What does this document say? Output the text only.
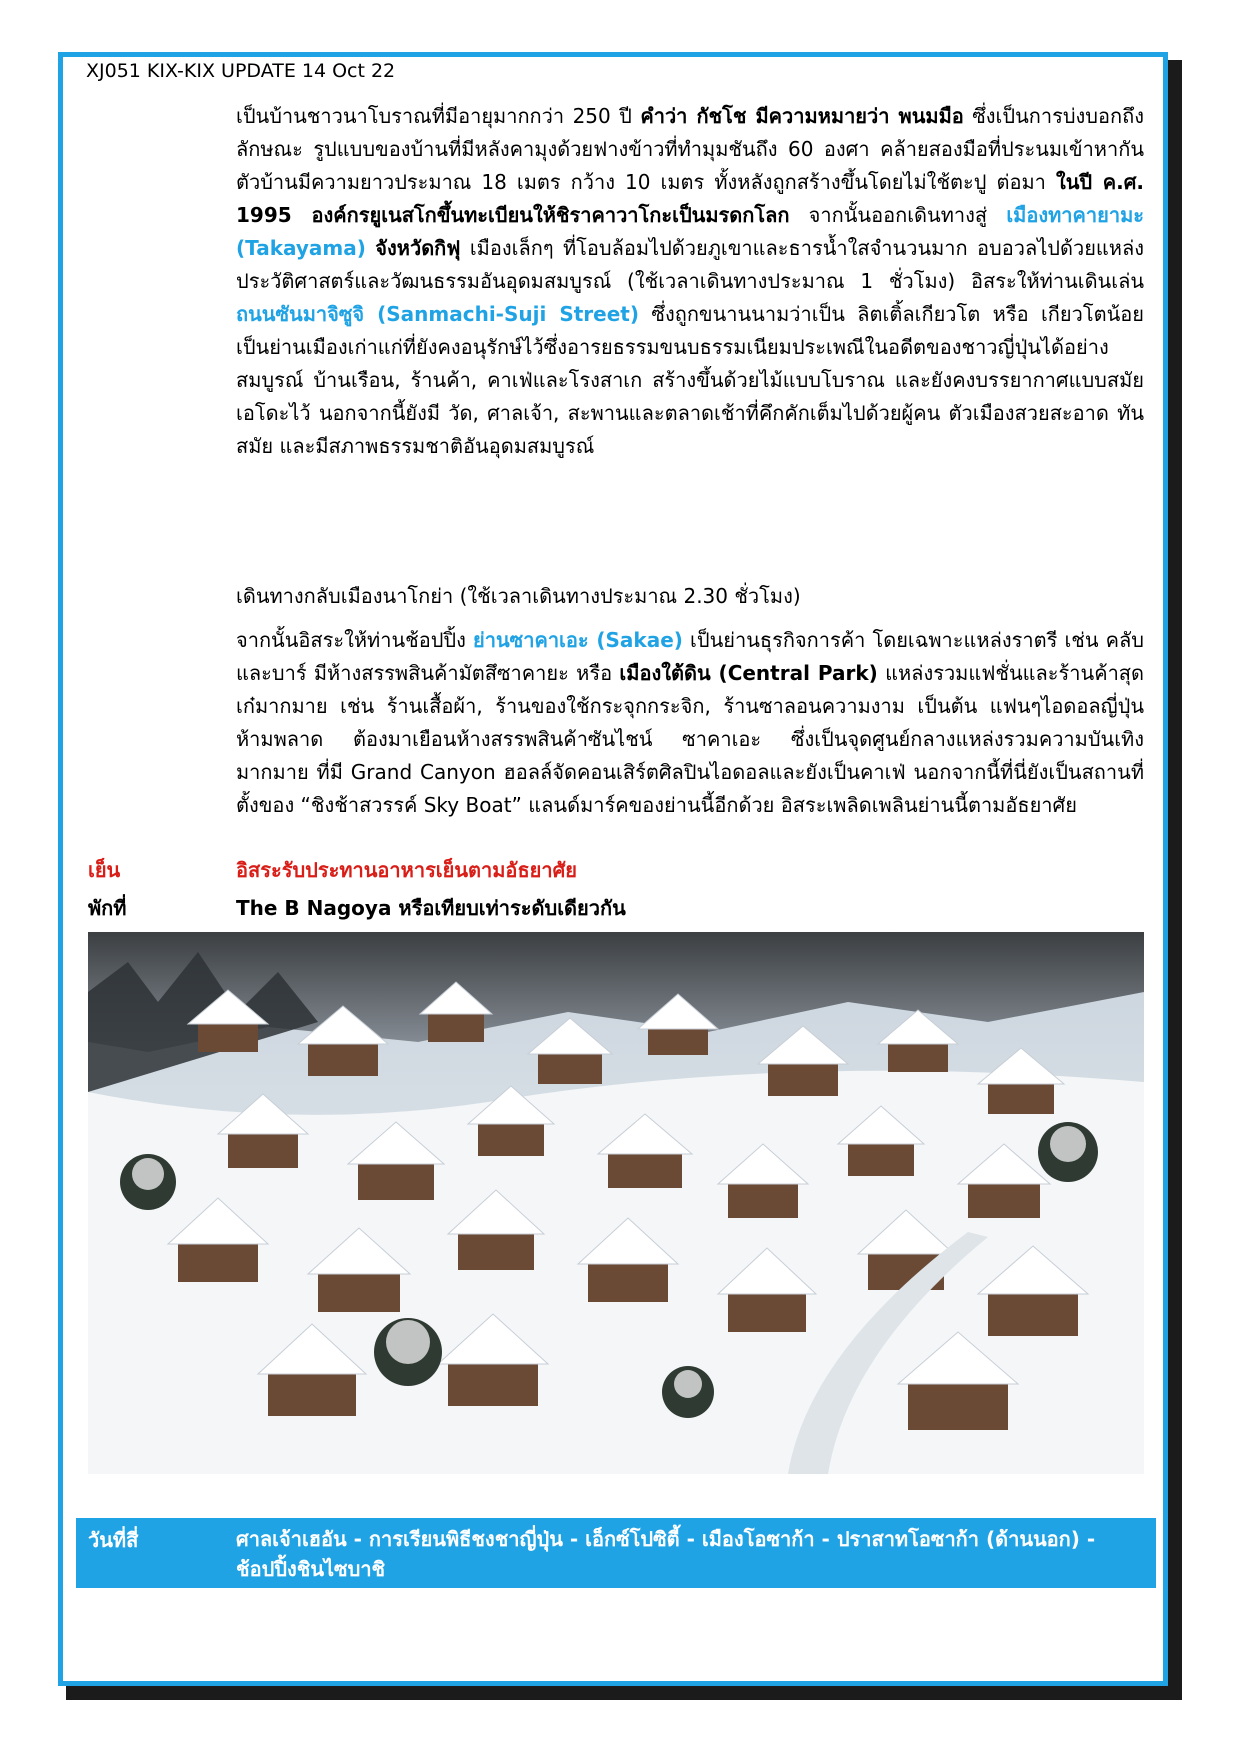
XJ051 KIX-KIX UPDATE 14 Oct 22
เป็นบ้านชาวนาโบราณที่มีอายุมากกว่า 250 ปี คำว่า กัชโช มีความหมายว่า พนมมือ ซึ่งเป็นการบ่งบอกถึงลักษณะ รูปแบบของบ้านที่มีหลังคามุงด้วยฟางข้าวที่ทำมุมชันถึง 60 องศา คล้ายสองมือที่ประนมเข้าหากัน ตัวบ้านมีความยาวประมาณ 18 เมตร กว้าง 10 เมตร ทั้งหลังถูกสร้างขึ้นโดยไม่ใช้ตะปู ต่อมา ในปี ค.ศ. 1995 องค์กรยูเนสโกขึ้นทะเบียนให้ชิราคาวาโกะเป็นมรดกโลก จากนั้นออกเดินทางสู่ เมืองทาคายามะ (Takayama) จังหวัดกิฟุ เมืองเล็กๆ ที่โอบล้อมไปด้วยภูเขาและธารน้ำใสจำนวนมาก อบอวลไปด้วยแหล่งประวัติศาสตร์และวัฒนธรรมอันอุดมสมบูรณ์ (ใช้เวลาเดินทางประมาณ 1 ชั่วโมง) อิสระให้ท่านเดินเล่น ถนนซันมาจิซูจิ (Sanmachi-Suji Street) ซึ่งถูกขนานนามว่าเป็น ลิตเติ้ลเกียวโต หรือ เกียวโตน้อย เป็นย่านเมืองเก่าแก่ที่ยังคงอนุรักษ์ไว้ซึ่งอารยธรรมขนบธรรมเนียมประเพณีในอดีตของชาวญี่ปุ่นได้อย่างสมบูรณ์ บ้านเรือน, ร้านค้า, คาเฟ่และโรงสาเก สร้างขึ้นด้วยไม้แบบโบราณ และยังคงบรรยากาศแบบสมัยเอโดะไว้ นอกจากนี้ยังมี วัด, ศาลเจ้า, สะพานและตลาดเช้าที่คึกคักเต็มไปด้วยผู้คน ตัวเมืองสวยสะอาด ทันสมัย และมีสภาพธรรมชาติอันอุดมสมบูรณ์
เดินทางกลับเมืองนาโกย่า (ใช้เวลาเดินทางประมาณ 2.30 ชั่วโมง)
จากนั้นอิสระให้ท่านช้อปปิ้ง ย่านซาคาเอะ (Sakae) เป็นย่านธุรกิจการค้า โดยเฉพาะแหล่งราตรี เช่น คลับและบาร์ มีห้างสรรพสินค้ามัตสึซาคายะ หรือ เมืองใต้ดิน (Central Park) แหล่งรวมแฟชั่นและร้านค้าสุดเก๋มากมาย เช่น ร้านเสื้อผ้า, ร้านของใช้กระจุกกระจิก, ร้านซาลอนความงาม เป็นต้น แฟนๆไอดอลญี่ปุ่น ห้ามพลาด ต้องมาเยือนห้างสรรพสินค้าซันไชน์ ซาคาเอะ ซึ่งเป็นจุดศูนย์กลางแหล่งรวมความบันเทิงมากมาย ที่มี Grand Canyon ฮอลล์จัดคอนเสิร์ตศิลปินไอดอลและยังเป็นคาเฟ่ นอกจากนี้ที่นี่ยังเป็นสถานที่ตั้งของ “ชิงช้าสวรรค์ Sky Boat” แลนด์มาร์คของย่านนี้อีกด้วย อิสระเพลิดเพลินย่านนี้ตามอัธยาศัย
เย็น	อิสระรับประทานอาหารเย็นตามอัธยาศัย
พักที่	The B Nagoya หรือเทียบเท่าระดับเดียวกัน
วันที่สี่	ศาลเจ้าเฮอัน - การเรียนพิธีชงชาญี่ปุ่น - เอ็กซ์โปซิตี้ - เมืองโอซาก้า - ปราสาทโอซาก้า (ด้านนอก) - ช้อปปิ้งชินไซบาชิ
